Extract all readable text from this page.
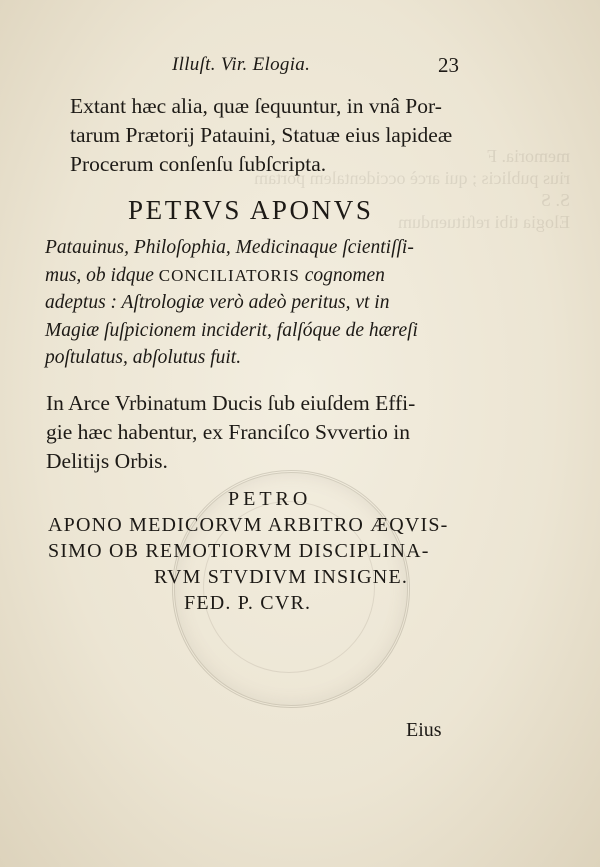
memoria. F
rius publicis ; qui arcè occidentalem portam
S. S
Elogia tibi reſtituendum
Illuſt. Vir. Elogia.	23
Extant hæc alia, quæ ſequuntur, in vnâ Por-
tarum Prætorij Patauini, Statuæ eius lapideæ
Procerum conſenſu ſubſcripta.
PETRVS APONVS
Patauinus, Philoſophia, Medicinaque ſcientiſſi-
mus, ob idque CONCILIATORIS cognomen
adeptus : Aſtrologiæ verò adeò peritus, vt in
Magiæ ſuſpicionem inciderit, falſóque de hæreſi
poſtulatus, abſolutus fuit.
In Arce Vrbinatum Ducis ſub eiuſdem Effi-
gie hæc habentur, ex Franciſco Svvertio in
Delitijs Orbis.
PETRO
APONO MEDICORVM ARBITRO ÆQVIS-
SIMO OB REMOTIORVM DISCIPLINA-
RVM STVDIVM INSIGNE.
FED. P. CVR.
Eius
